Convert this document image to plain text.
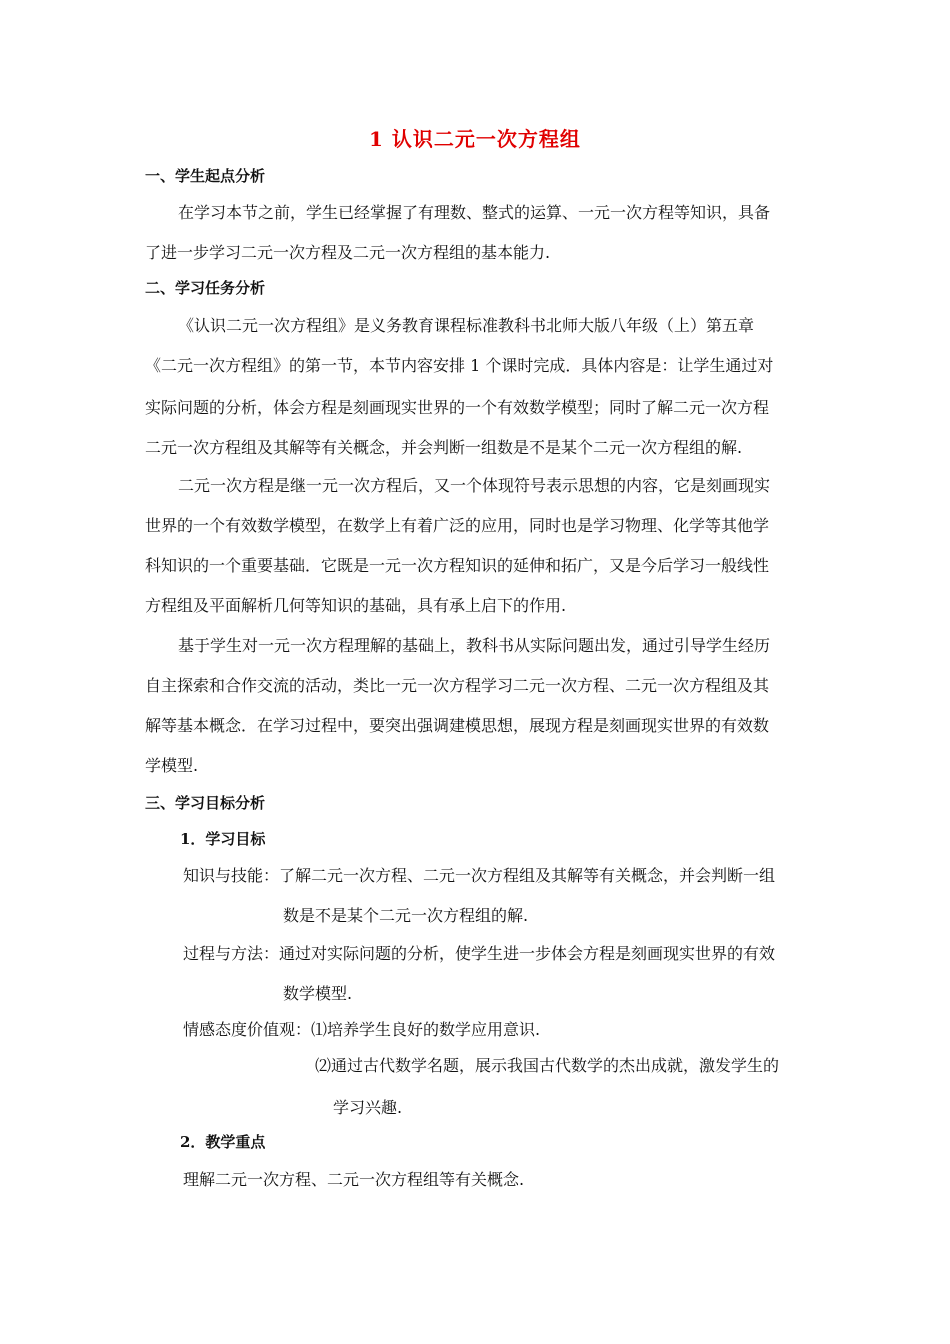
1 认识二元一次方程组
一、学生起点分析
在学习本节之前，学生已经掌握了有理数、整式的运算、一元一次方程等知识，具备
了进一步学习二元一次方程及二元一次方程组的基本能力.
二、学习任务分析
《认识二元一次方程组》是义务教育课程标准教科书北师大版八年级（上）第五章
《二元一次方程组》的第一节，本节内容安排 1 个课时完成．具体内容是：让学生通过对
实际问题的分析，体会方程是刻画现实世界的一个有效数学模型；同时了解二元一次方程
二元一次方程组及其解等有关概念，并会判断一组数是不是某个二元一次方程组的解.
二元一次方程是继一元一次方程后，又一个体现符号表示思想的内容，它是刻画现实
世界的一个有效数学模型，在数学上有着广泛的应用，同时也是学习物理、化学等其他学
科知识的一个重要基础．它既是一元一次方程知识的延伸和拓广，又是今后学习一般线性
方程组及平面解析几何等知识的基础，具有承上启下的作用.
基于学生对一元一次方程理解的基础上，教科书从实际问题出发，通过引导学生经历
自主探索和合作交流的活动，类比一元一次方程学习二元一次方程、二元一次方程组及其
解等基本概念．在学习过程中，要突出强调建模思想，展现方程是刻画现实世界的有效数
学模型.
三、学习目标分析
1．学习目标
知识与技能：了解二元一次方程、二元一次方程组及其解等有关概念，并会判断一组
数是不是某个二元一次方程组的解.
过程与方法：通过对实际问题的分析，使学生进一步体会方程是刻画现实世界的有效
数学模型.
情感态度价值观：⑴培养学生良好的数学应用意识.
⑵通过古代数学名题，展示我国古代数学的杰出成就，激发学生的
学习兴趣.
2．教学重点
理解二元一次方程、二元一次方程组等有关概念.
